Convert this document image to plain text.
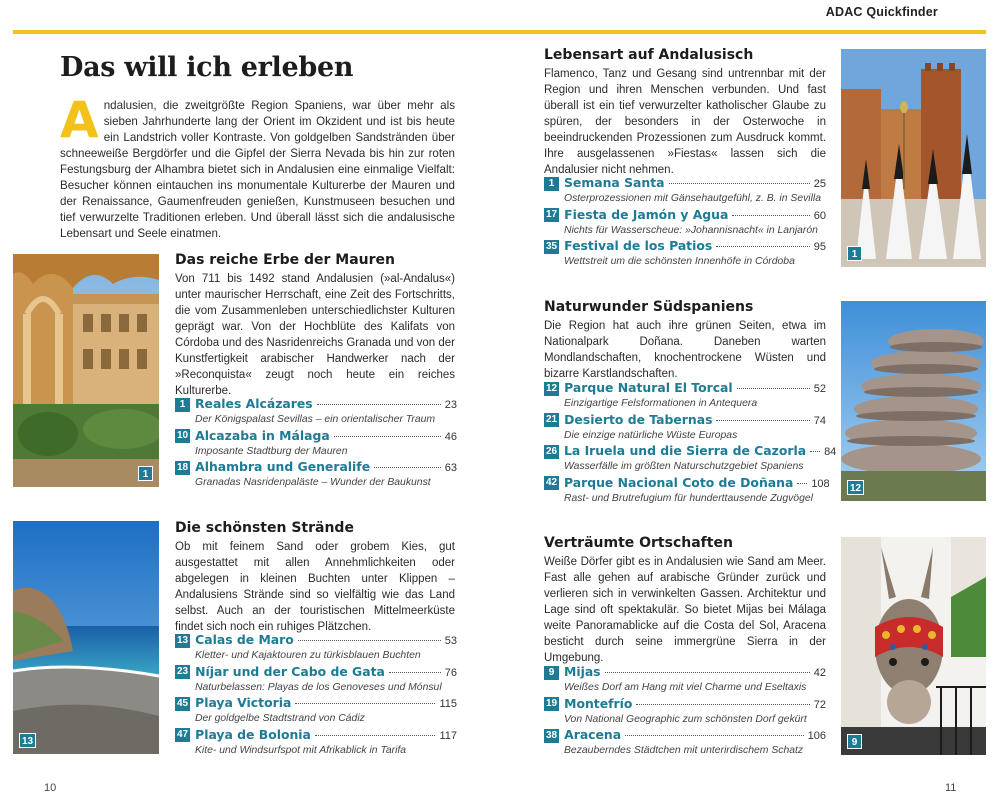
ADAC Quickfinder
Das will ich erleben
Andalusien, die zweitgrößte Region Spaniens, war über mehr als sieben Jahrhunderte lang der Orient im Okzident und ist bis heute ein Landstrich voller Kontraste. Von goldgelben Sandstränden über schneeweiße Bergdörfer und die Gipfel der Sierra Nevada bis hin zur roten Festungsburg der Alhambra bietet sich in Andalusien eine einmalige Vielfalt: Besucher können eintauchen ins monumentale Kulturerbe der Mauren und der Renaissance, Gaumenfreuden genießen, Kunstmuseen besuchen und tief verwurzelte Traditionen erleben. Und überall lässt sich die andalusische Lebensart und Seele einatmen.
1
Das reiche Erbe der Mauren
Von 711 bis 1492 stand Andalusien (»al-Andalus«) unter maurischer Herrschaft, eine Zeit des Fortschritts, die vom Zusammenleben unterschiedlichster Kulturen geprägt war. Von der Hochblüte des Kalifats von Córdoba und des Nasridenreichs Granada und von der Kunstfertigkeit arabischer Handwerker nach der »Reconquista« zeugt noch heute ein reiches Kulturerbe.
1 Reales Alcázares	23
Der Königspalast Sevillas – ein orientalischer Traum
10 Alcazaba in Málaga	46
Imposante Stadtburg der Mauren
18 Alhambra und Generalife	63
Granadas Nasridenpaläste – Wunder der Baukunst
13
Die schönsten Strände
Ob mit feinem Sand oder grobem Kies, gut ausgestattet mit allen Annehmlichkeiten oder abgelegen in kleinen Buchten unter Klippen – Andalusiens Strände sind so vielfältig wie das Land selbst. Auch an der touristischen Mittelmeerküste findet sich noch ein ruhiges Plätzchen.
13 Calas de Maro	53
Kletter- und Kajaktouren zu türkisblauen Buchten
23 Níjar und der Cabo de Gata	76
Naturbelassen: Playas de los Genoveses und Mónsul
45 Playa Victoria	115
Der goldgelbe Stadtstrand von Cádiz
47 Playa de Bolonia	117
Kite- und Windsurfspot mit Afrikablick in Tarifa
Lebensart auf Andalusisch
Flamenco, Tanz und Gesang sind untrennbar mit der Region und ihren Menschen verbunden. Und fast überall ist ein tief verwurzelter katholischer Glaube zu spüren, der besonders in der Osterwoche in beeindruckenden Prozessionen zum Ausdruck kommt. Ihre ausgelassenen »Fiestas« lassen sich die Andalusier nicht nehmen.
1 Semana Santa	25
Osterprozessionen mit Gänsehautgefühl, z. B. in Sevilla
17 Fiesta de Jamón y Agua	60
Nichts für Wasserscheue: »Johannisnacht« in Lanjarón
35 Festival de los Patios	95
Wettstreit um die schönsten Innenhöfe in Córdoba
1
Naturwunder Südspaniens
Die Region hat auch ihre grünen Seiten, etwa im Nationalpark Doñana. Daneben warten Mondlandschaften, knochentrockene Wüsten und bizarre Karstlandschaften.
12 Parque Natural El Torcal	52
Einzigartige Felsformationen in Antequera
21 Desierto de Tabernas	74
Die einzige natürliche Wüste Europas
26 La Iruela und die Sierra de Cazorla 84
Wasserfälle im größten Naturschutzgebiet Spaniens
42 Parque Nacional Coto de Doñana 108
Rast- und Brutrefugium für hunderttausende Zugvögel
12
Verträumte Ortschaften
Weiße Dörfer gibt es in Andalusien wie Sand am Meer. Fast alle gehen auf arabische Gründer zurück und verlieren sich in verwinkelten Gassen. Architektur und Lage sind oft spektakulär. So bietet Mijas bei Málaga weite Panoramablicke auf die Costa del Sol, Aracena besticht durch seine immergrüne Sierra in der Umgebung.
9 Mijas	42
Weißes Dorf am Hang mit viel Charme und Eseltaxis
19 Montefrío	72
Von National Geographic zum schönsten Dorf gekürt
38 Aracena	106
Bezauberndes Städtchen mit unterirdischem Schatz
9
10	11
